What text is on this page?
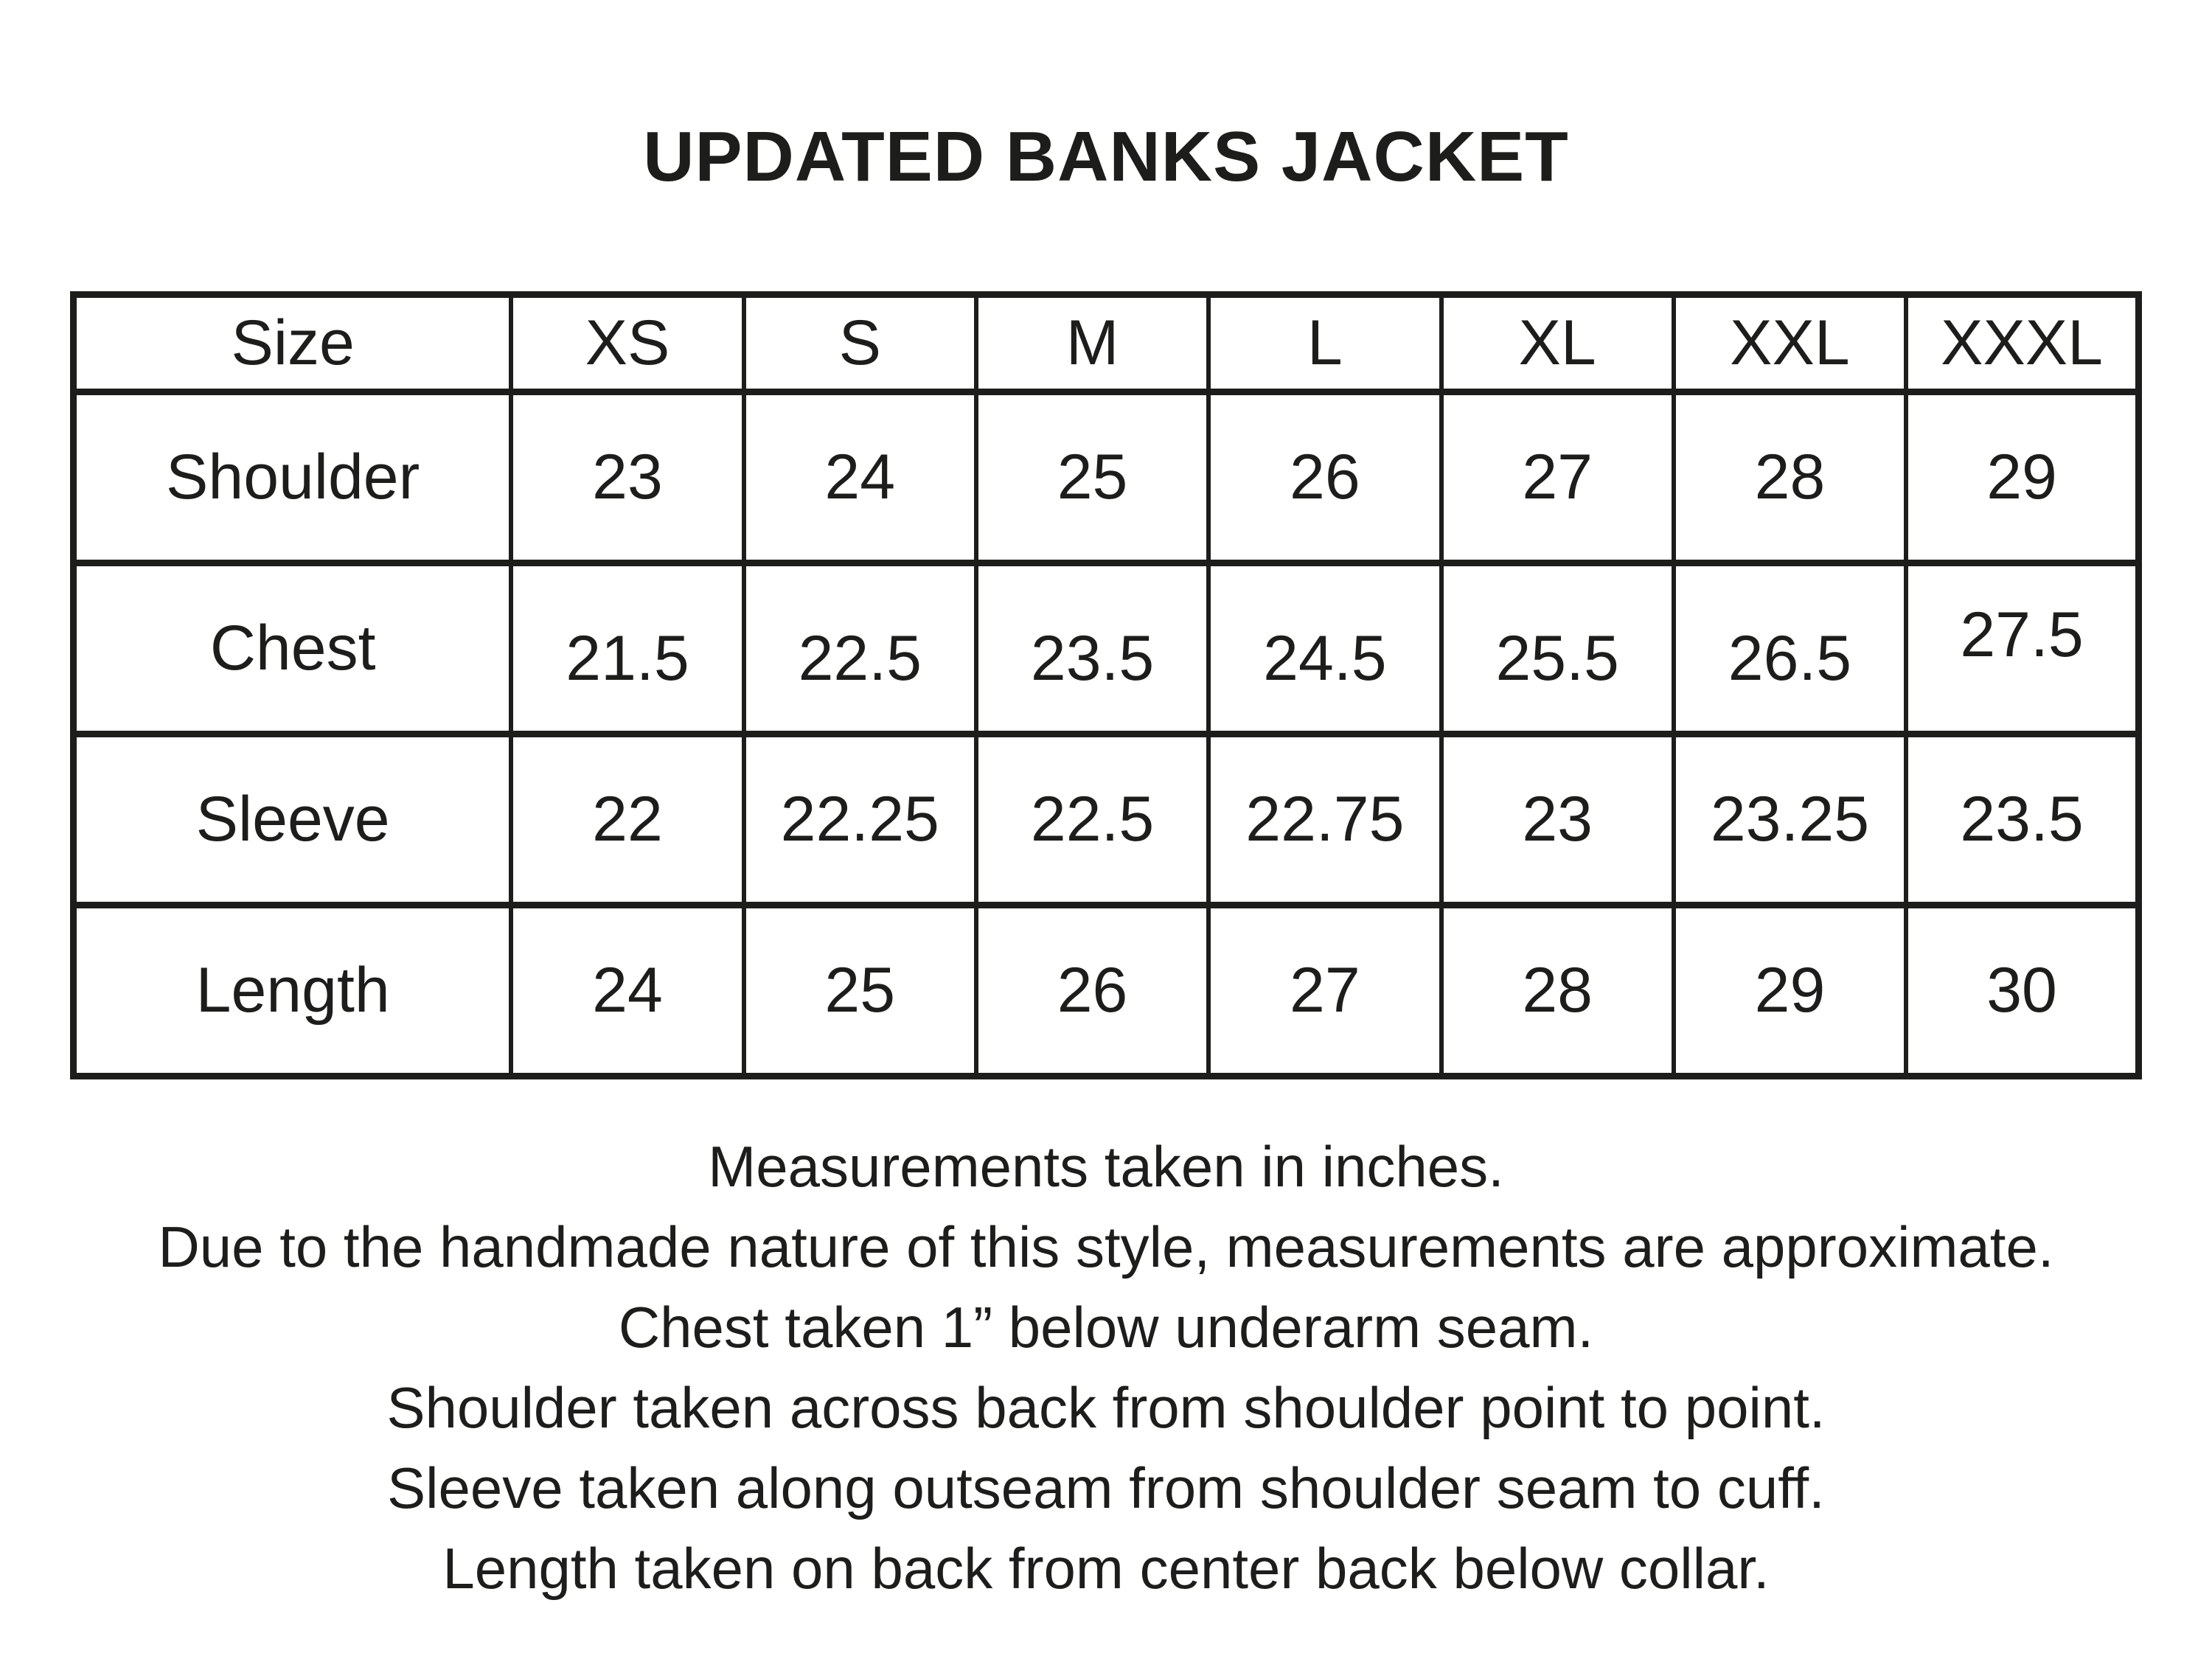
UPDATED BANKS JACKET
Size	XS	S	M	L	XL	XXL	XXXL
Shoulder	23	24	25	26	27	28	29
Chest	21.5	22.5	23.5	24.5	25.5	26.5	27.5
Sleeve	22	22.25	22.5	22.75	23	23.25	23.5
Length	24	25	26	27	28	29	30
Measurements taken in inches.
Due to the handmade nature of this style, measurements are approximate.
Chest taken 1” below underarm seam.
Shoulder taken across back from shoulder point to point.
Sleeve taken along outseam from shoulder seam to cuff.
Length taken on back from center back below collar.
